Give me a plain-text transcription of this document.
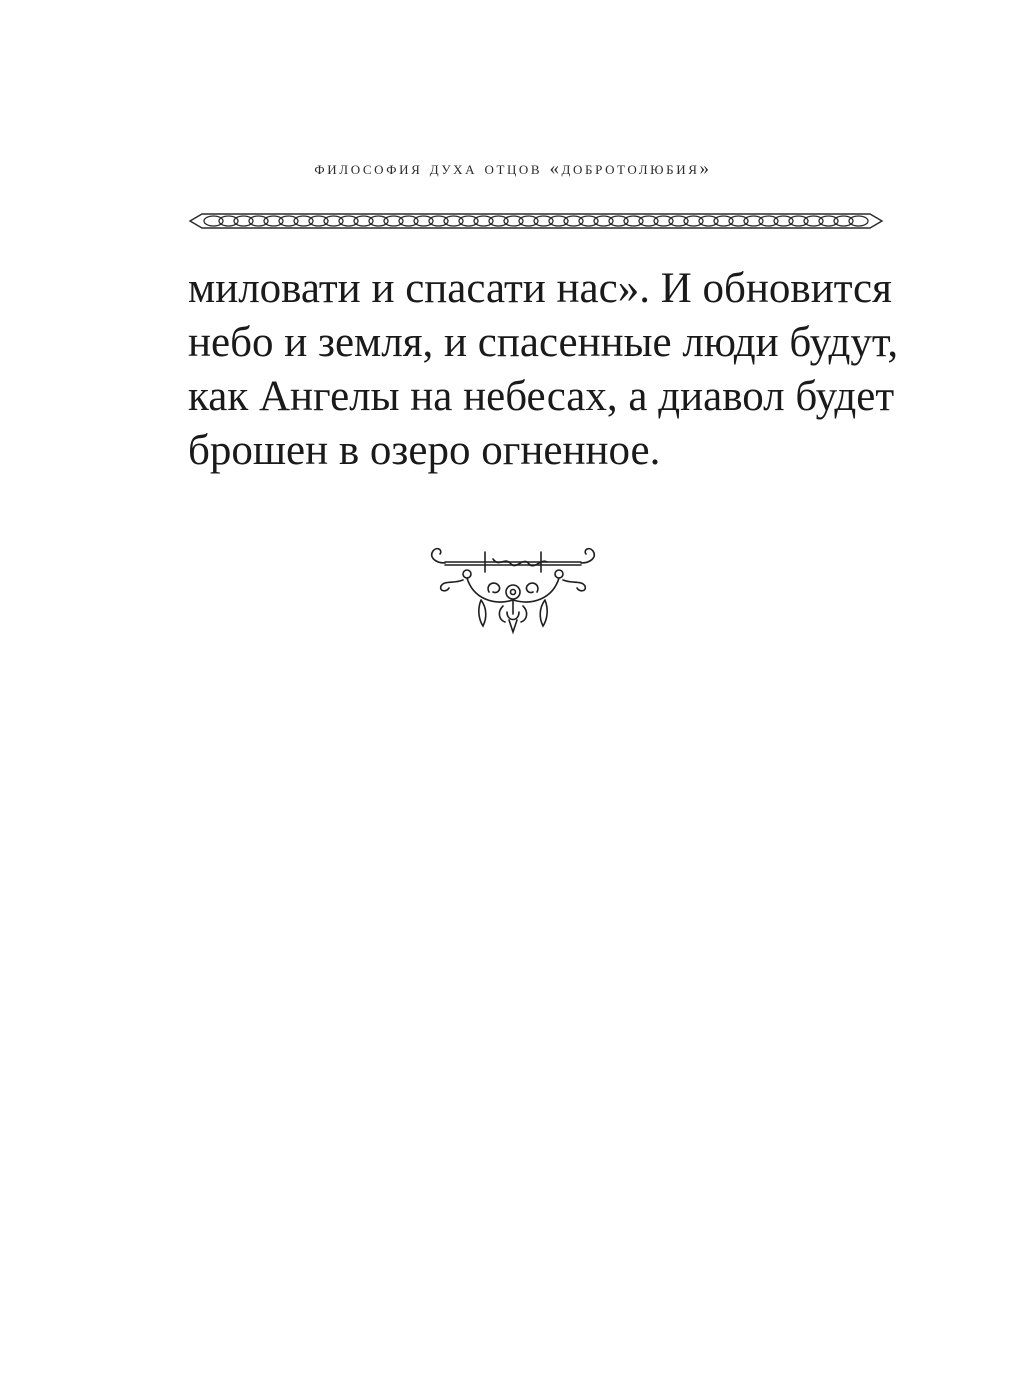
философия духа отцов «добротолюбия»
миловати и спасати нас». И обновится
небо и земля, и спасенные люди будут,
как Ангелы на небесах, а диавол будет
брошен в озеро огненное.
